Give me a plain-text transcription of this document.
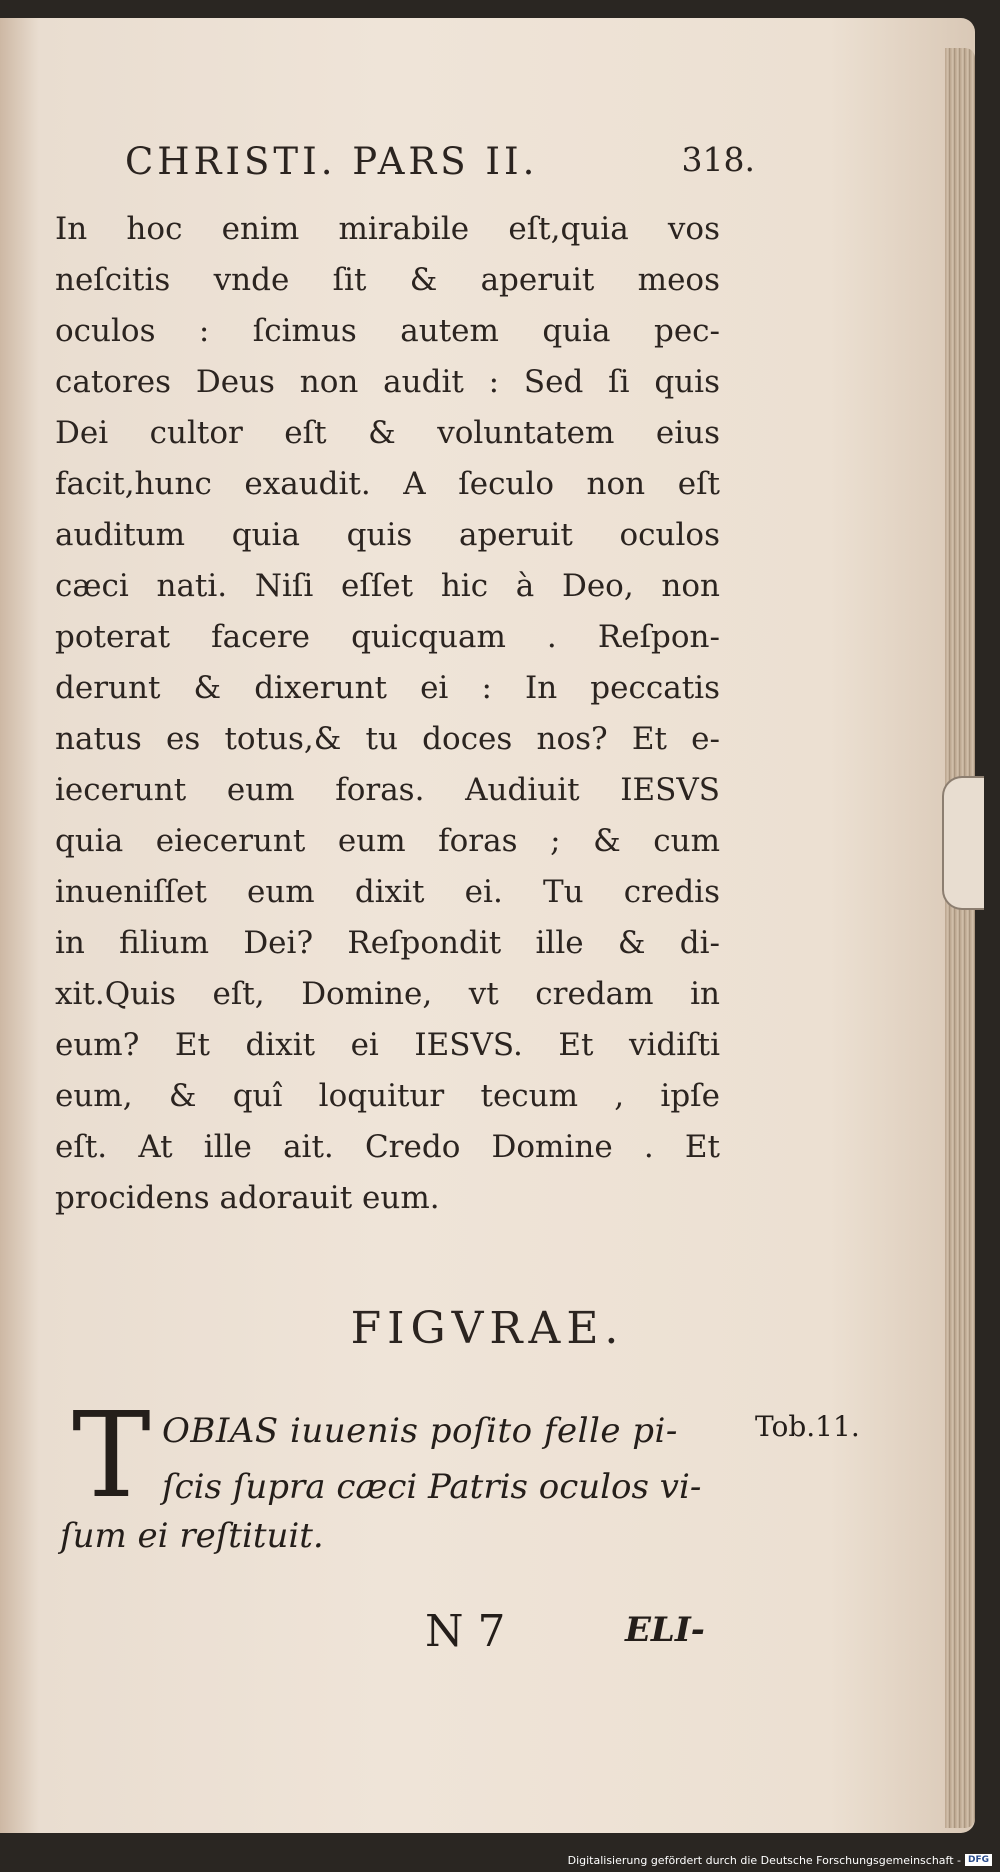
CHRISTI. PARS II.	318.
In hoc enim mirabile eſt,quia vos
neſcitis vnde ſit & aperuit meos
oculos : ſcimus autem quia pec-
catores Deus non audit : Sed ſi quis
Dei cultor eſt & voluntatem eius
facit,hunc exaudit. A ſeculo non eſt
auditum quia quis aperuit oculos
cæci nati. Niſi eſſet hic à Deo, non
poterat facere quicquam . Reſpon-
derunt & dixerunt ei : In peccatis
natus es totus,& tu doces nos? Et e-
iecerunt eum foras. Audiuit IESVS
quia eiecerunt eum foras ; & cum
inueniſſet eum dixit ei. Tu credis
in filium Dei? Reſpondit ille & di-
xit.Quis eſt, Domine, vt credam in
eum? Et dixit ei IESVS. Et vidiſti
eum, & quî loquitur tecum , ipſe
eſt. At ille ait. Credo Domine . Et
procidens adorauit eum.
FIGVRAE.
T OBIAS iuuenis poſito felle pi-
ſcis ſupra cæci Patris oculos vi-
ſum ei reſtituit.
Tob.11.
N 7	ELI-
Digitalisierung gefördert durch die Deutsche Forschungsgemeinschaft - DFG
